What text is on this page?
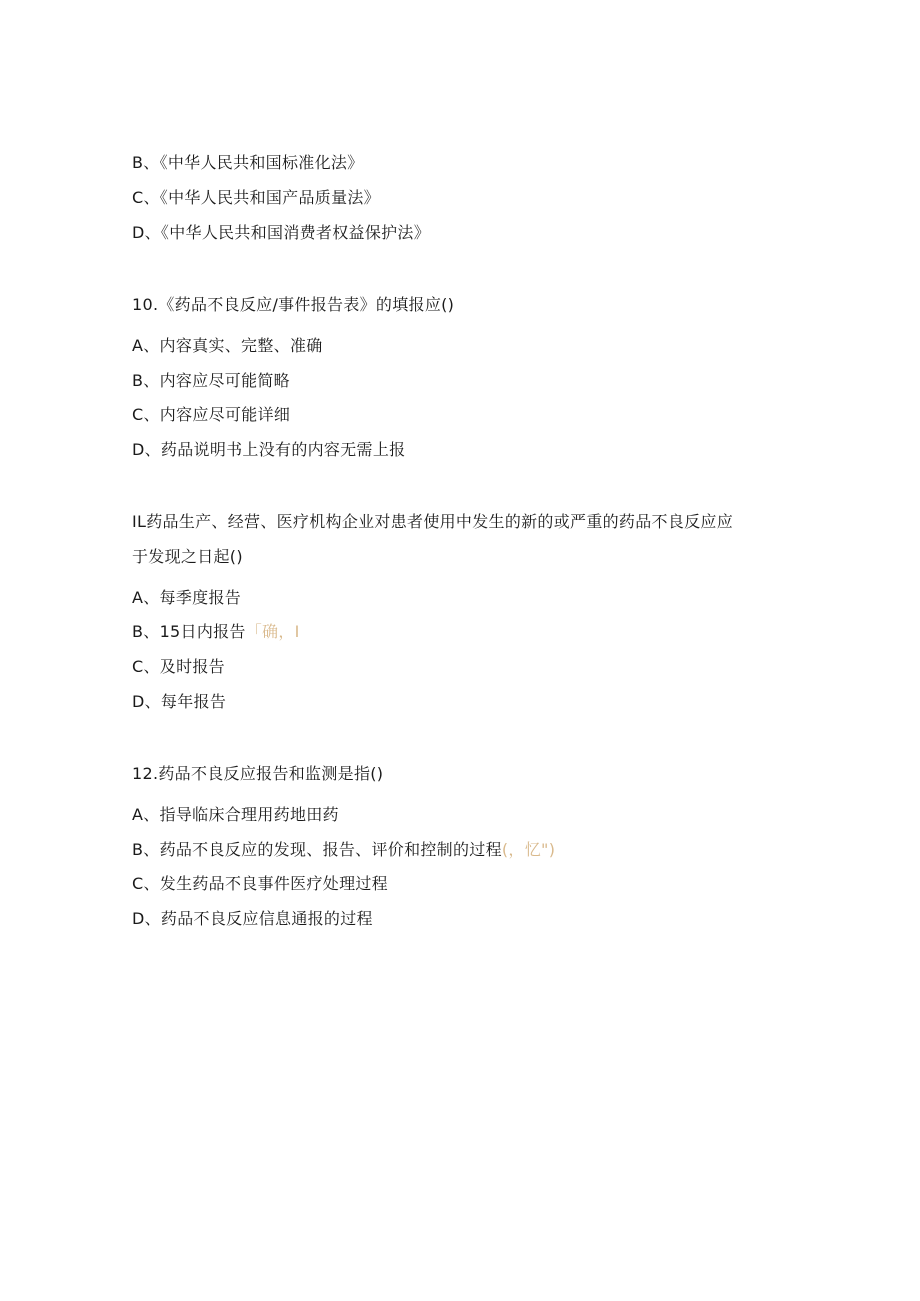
B、《中华人民共和国标准化法》
C、《中华人民共和国产品质量法》
D、《中华人民共和国消费者权益保护法》
10.《药品不良反应/事件报告表》的填报应()
A、内容真实、完整、准确
B、内容应尽可能简略
C、内容应尽可能详细
D、药品说明书上没有的内容无需上报
IL药品生产、经营、医疗机构企业对患者使用中发生的新的或严重的药品不良反应应
于发现之日起()
A、每季度报告
B、15日内报告「确，I
C、及时报告
D、每年报告
12.药品不良反应报告和监测是指()
A、指导临床合理用药地田药
B、药品不良反应的发现、报告、评价和控制的过程(，忆")
C、发生药品不良事件医疗处理过程
D、药品不良反应信息通报的过程
